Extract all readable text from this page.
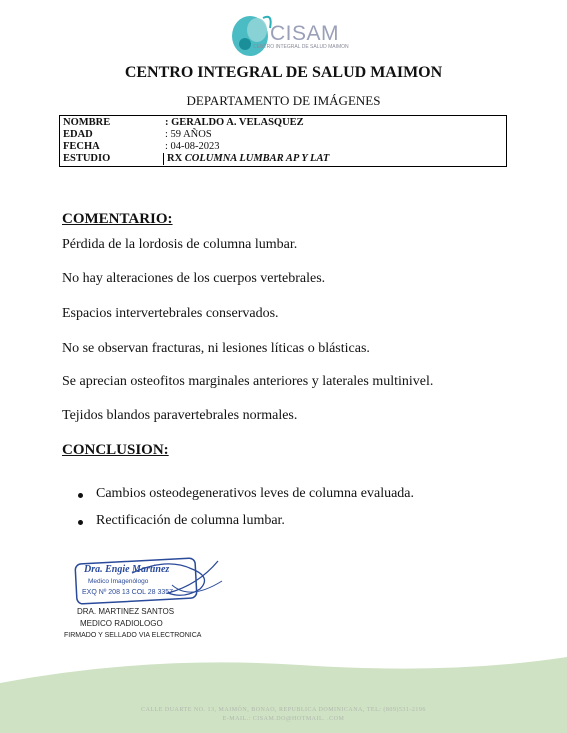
CISAM
CENTRO INTEGRAL DE SALUD MAIMON
CENTRO INTEGRAL DE SALUD MAIMON
DEPARTAMENTO DE IMÁGENES
NOMBRE	: GERALDO A. VELASQUEZ
EDAD	: 59 AÑOS
FECHA	: 04-08-2023
ESTUDIO	RX COLUMNA LUMBAR AP Y LAT
COMENTARIO:
Pérdida de la lordosis de columna lumbar.
No hay alteraciones de los cuerpos vertebrales.
Espacios intervertebrales conservados.
No se observan fracturas, ni lesiones líticas o blásticas.
Se aprecian osteofitos marginales anteriores y laterales multinivel.
Tejidos blandos paravertebrales normales.
CONCLUSION:
Cambios osteodegenerativos leves de columna evaluada.
Rectificación de columna lumbar.
Dra. Engie Martinez
Medico Imagenólogo
EXQ Nº 208 13 COL 28 3357
DRA. MARTINEZ SANTOS
MEDICO RADIOLOGO
FIRMADO Y SELLADO VIA ELECTRONICA
CALLE DUARTE NO. 13, MAIMÓN, BONAO, REPUBLICA DOMINICANA, TEL: (809)531-2196
E-MAIL.: CISAM.DO@HOTMAIL. .COM
